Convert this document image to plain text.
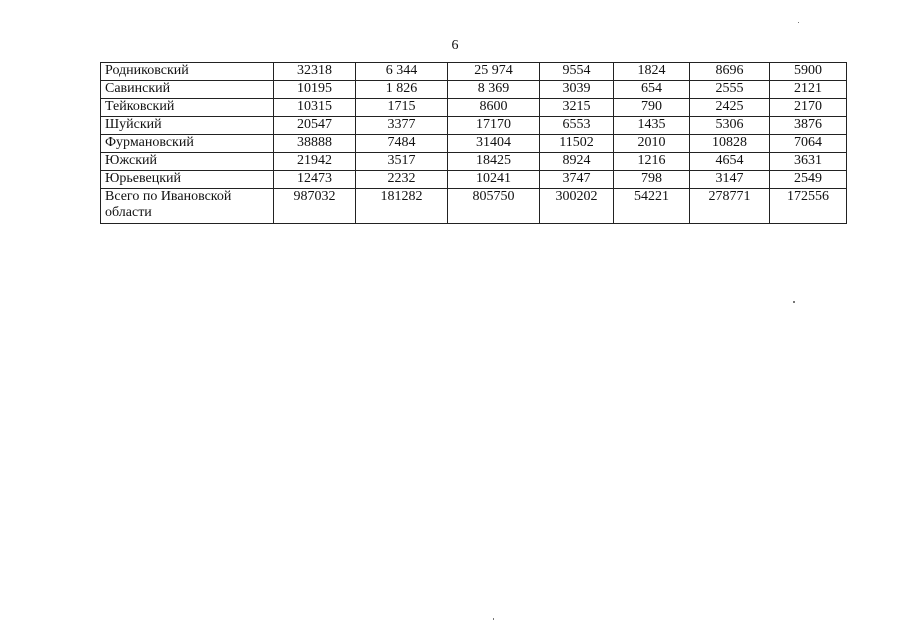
6
Родниковский	32318	6 344	25 974	9554	1824	8696	5900
Савинский	10195	1 826	8 369	3039	654	2555	2121
Тейковский	10315	1715	8600	3215	790	2425	2170
Шуйский	20547	3377	17170	6553	1435	5306	3876
Фурмановский	38888	7484	31404	11502	2010	10828	7064
Южский	21942	3517	18425	8924	1216	4654	3631
Юрьевецкий	12473	2232	10241	3747	798	3147	2549
Всего по Ивановской области	987032	181282	805750	300202	54221	278771	172556
